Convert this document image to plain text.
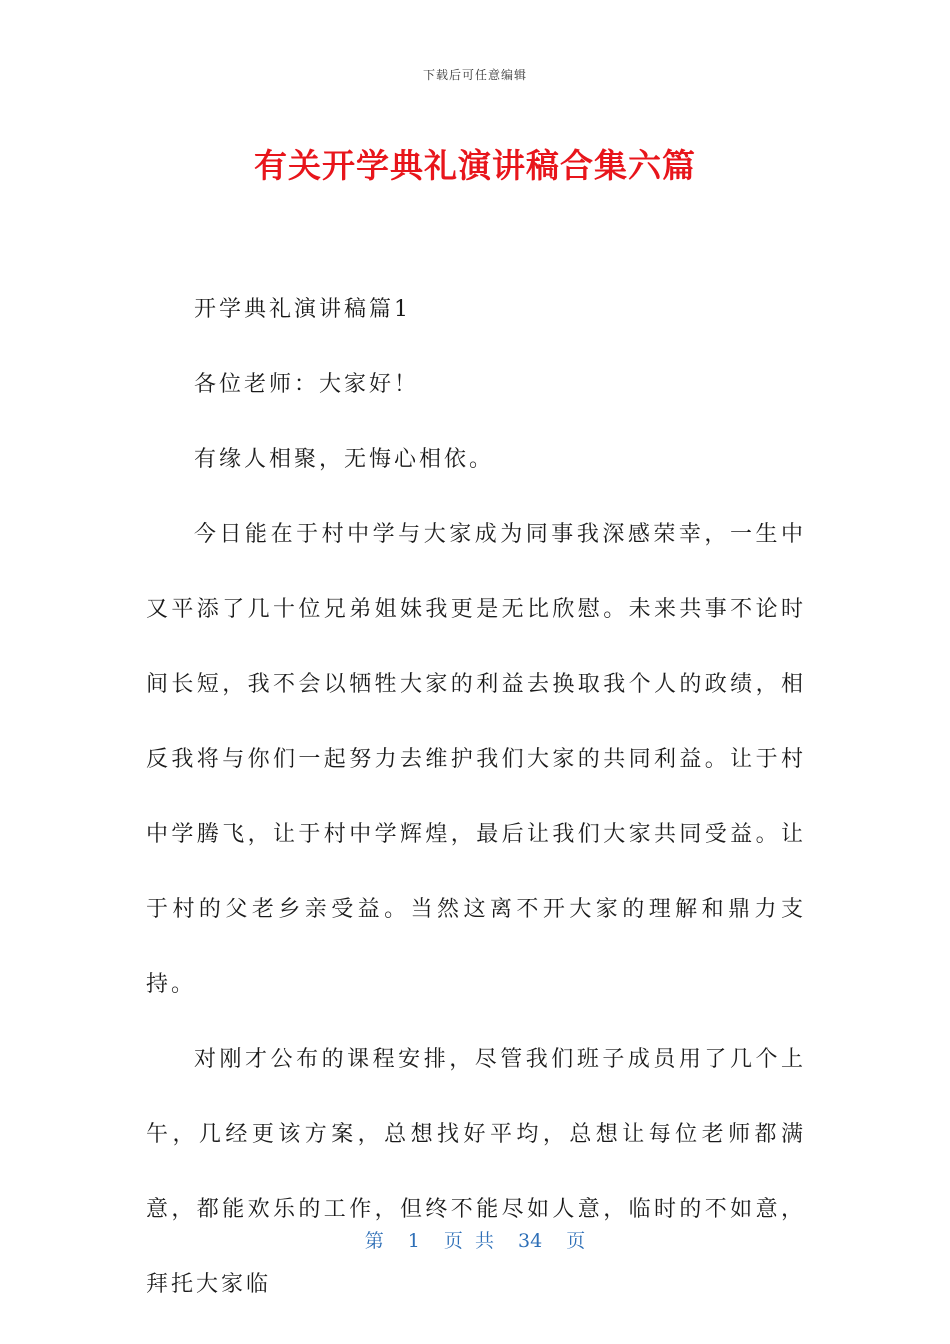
下载后可任意编辑
有关开学典礼演讲稿合集六篇

开学典礼演讲稿篇1

各位老师：大家好！

有缘人相聚，无悔心相依。

今日能在于村中学与大家成为同事我深感荣幸，一生中又平添了几十位兄弟姐妹我更是无比欣慰。未来共事不论时间长短，我不会以牺牲大家的利益去换取我个人的政绩，相反我将与你们一起努力去维护我们大家的共同利益。让于村中学腾飞，让于村中学辉煌，最后让我们大家共同受益。让于村的父老乡亲受益。当然这离不开大家的理解和鼎力支持。

对刚才公布的课程安排，尽管我们班子成员用了几个上午，几经更该方案，总想找好平均，总想让每位老师都满意，都能欢乐的工作，但终不能尽如人意，临时的不如意，拜托大家临

第 1 页 共 34 页
